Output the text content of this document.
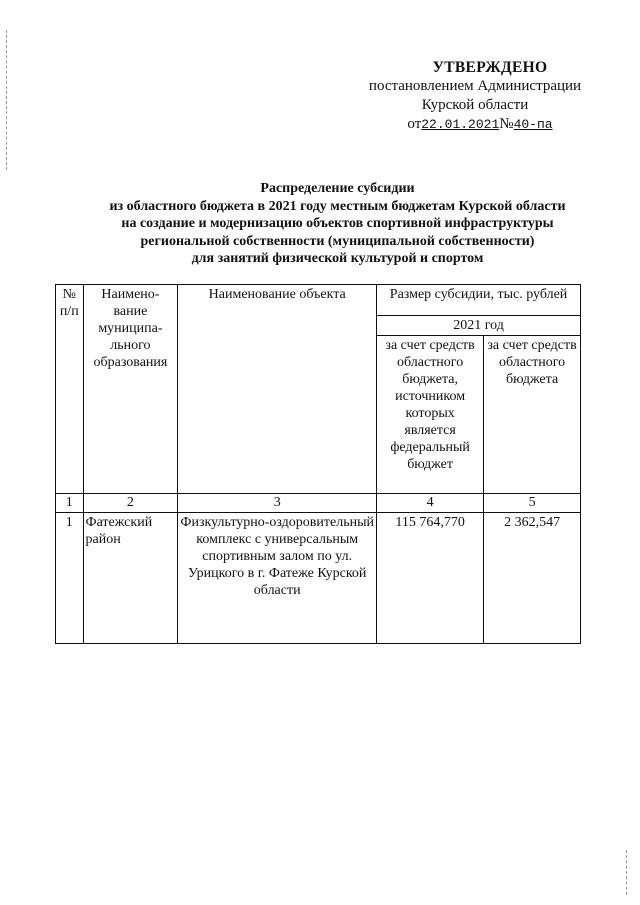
УТВЕРЖДЕНО
постановлением Администрации
Курской области
от22.01.2021№40-па
Распределение субсидии
из областного бюджета в 2021 году местным бюджетам Курской области
на создание и модернизацию объектов спортивной инфраструктуры
региональной собственности (муниципальной собственности)
для занятий физической культурой и спортом
№ п/п	Наимено-вание муниципа-льного образования	Наименование объекта	Размер субсидии, тыс. рублей	
			2021 год	
			за счет средств областного бюджета, источником которых является федеральный бюджет	за счет средств областного бюджета
1	2	3	4	5
1	Фатежский район	Физкультурно-оздоровительный комплекс с универсальным спортивным залом по ул. Урицкого в г. Фатеже Курской области	115 764,770	2 362,547
